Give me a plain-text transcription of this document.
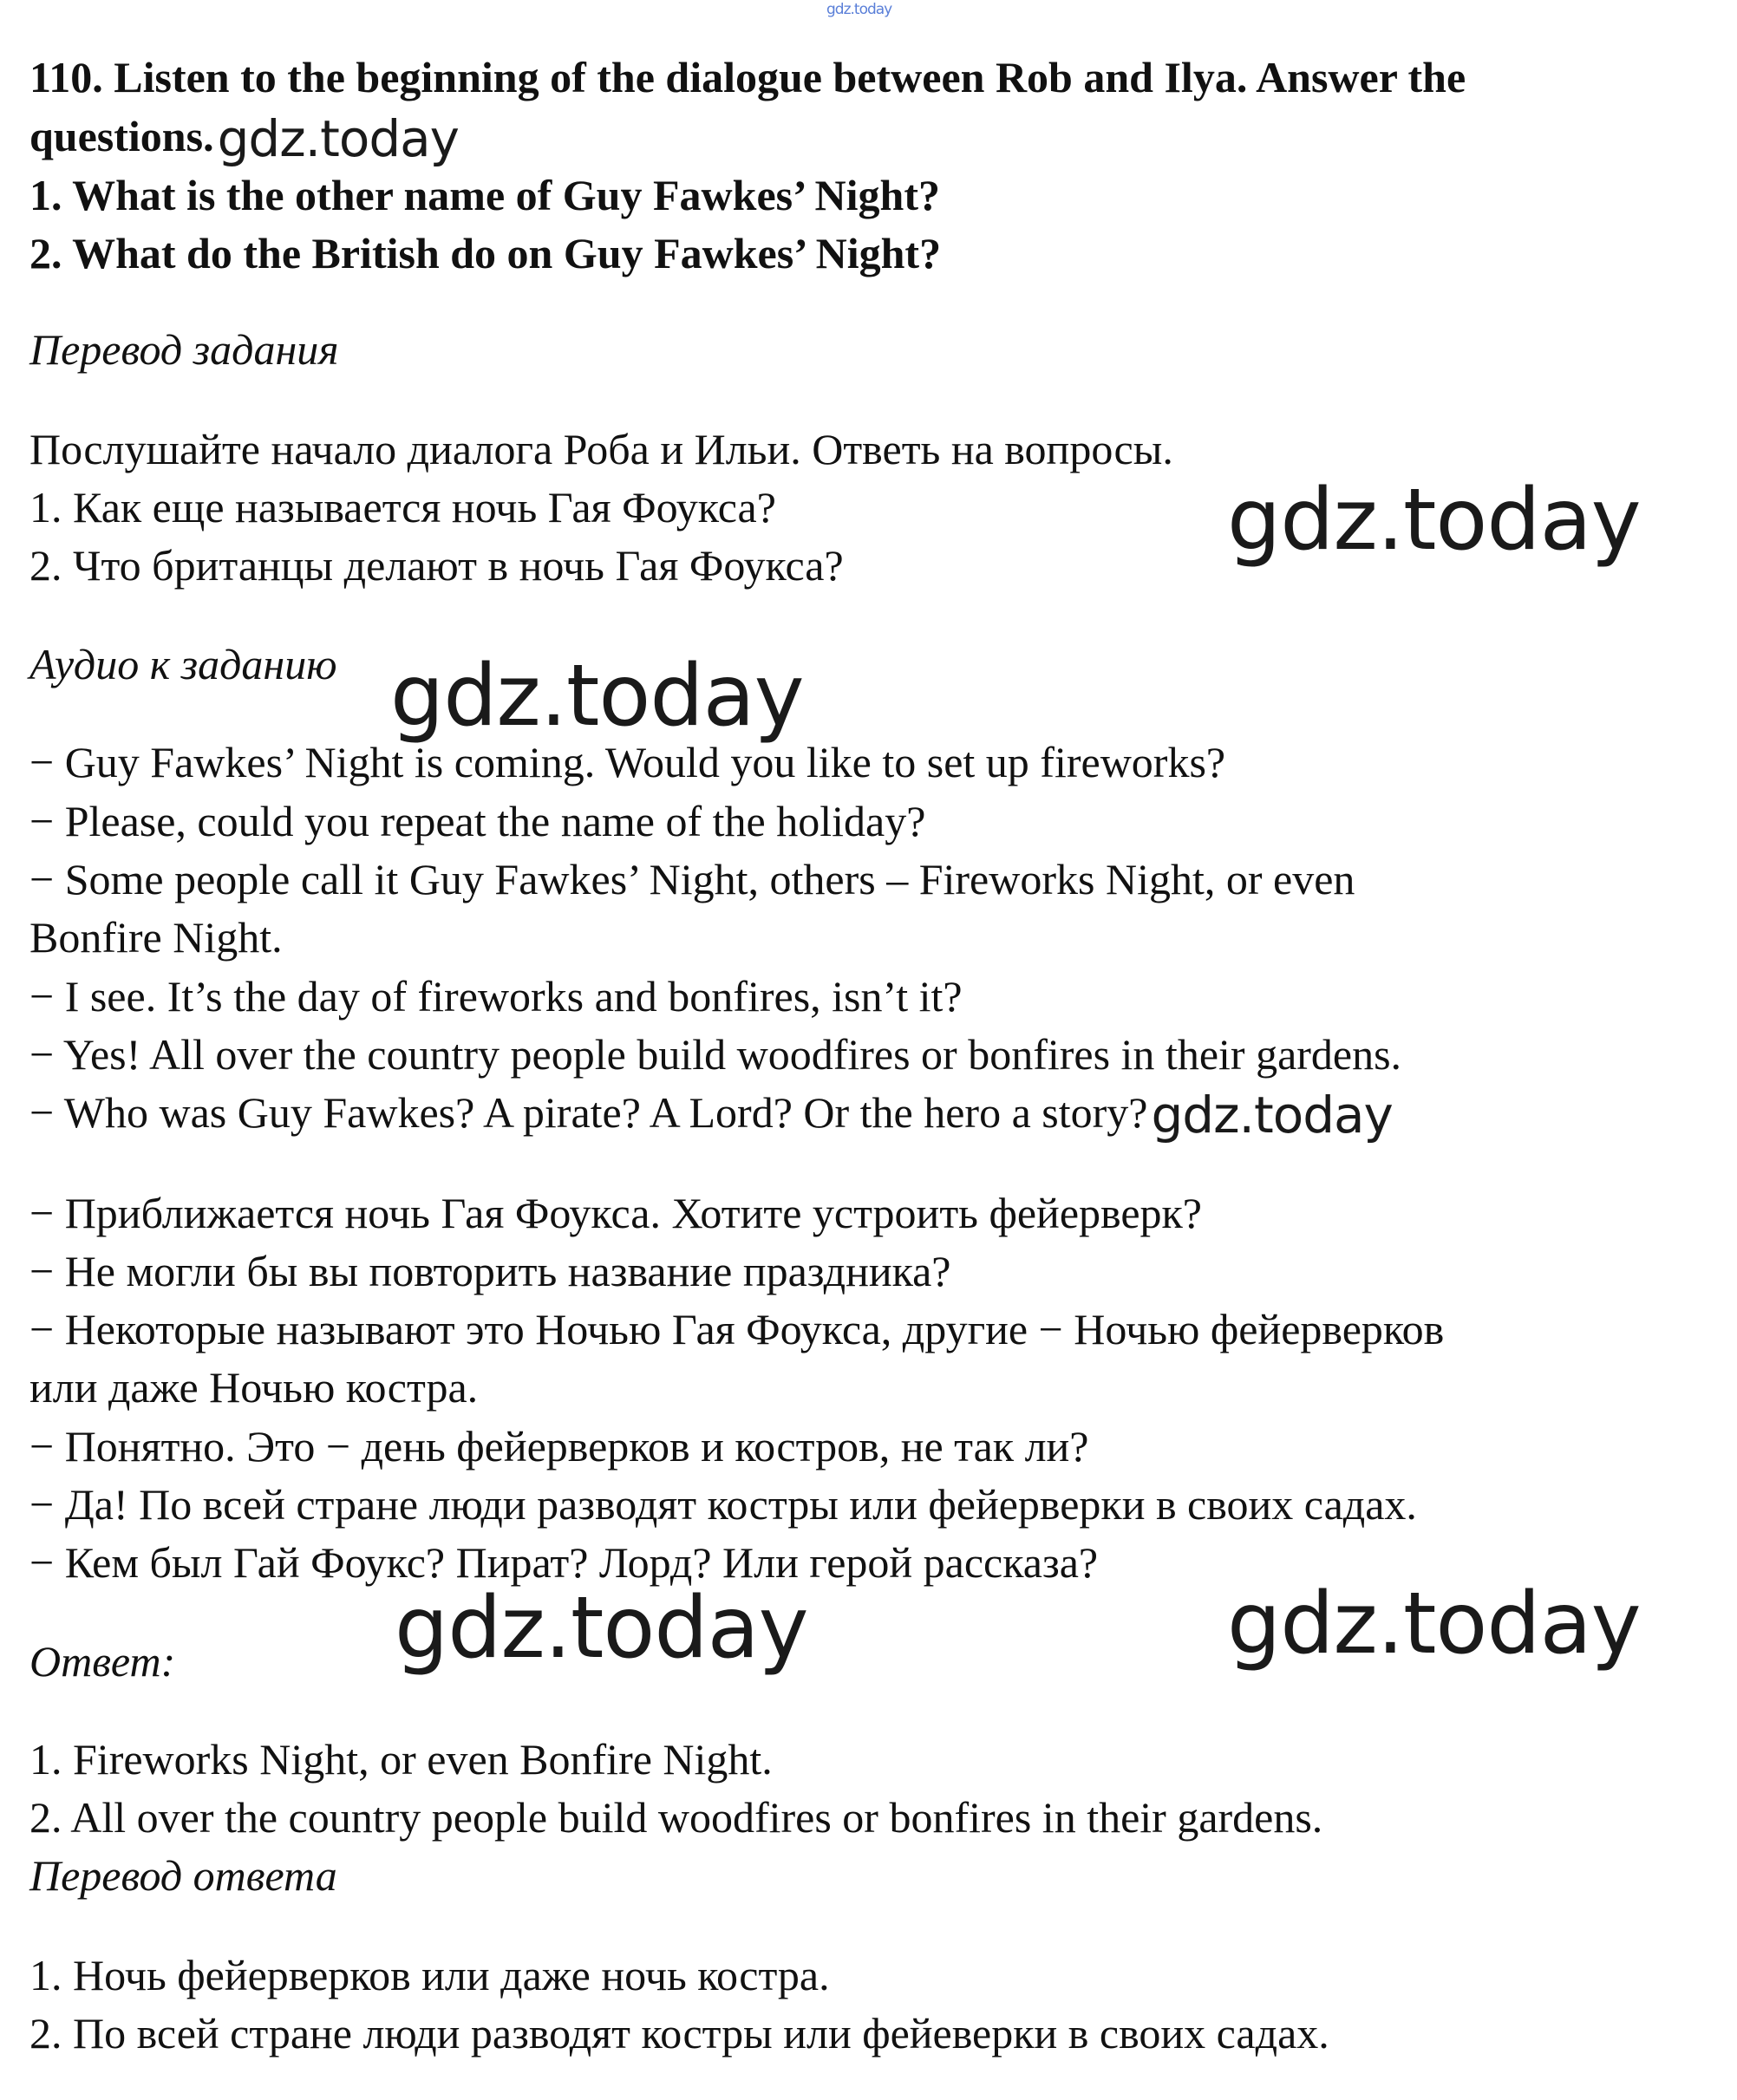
gdz.today
110. Listen to the beginning of the dialogue between Rob and Ilya. Answer the
questions.gdz.today
1. What is the other name of Guy Fawkes’ Night?
2. What do the British do on Guy Fawkes’ Night?
Перевод задания
Послушайте начало диалога Роба и Ильи. Ответь на вопросы.
1. Как еще называется ночь Гая Фоукса?
2. Что британцы делают в ночь Гая Фоукса?	gdz.today
Аудио к заданию gdz.today
− Guy Fawkes’ Night is coming. Would you like to set up fireworks?
− Please, could you repeat the name of the holiday?
− Some people call it Guy Fawkes’ Night, others – Fireworks Night, or even
Bonfire Night.
− I see. It’s the day of fireworks and bonfires, isn’t it?
− Yes! All over the country people build woodfires or bonfires in their gardens.
− Who was Guy Fawkes? A pirate? A Lord? Or the hero a story?gdz.today
− Приближается ночь Гая Фоукса. Хотите устроить фейерверк?
− Не могли бы вы повторить название праздника?
− Некоторые называют это Ночью Гая Фоукса, другие − Ночью фейерверков
или даже Ночью костра.
− Понятно. Это − день фейерверков и костров, не так ли?
− Да! По всей стране люди разводят костры или фейерверки в своих садах.
− Кем был Гай Фоукс? Пират? Лорд? Или герой рассказа?
Ответ:	gdz.today	gdz.today
1. Fireworks Night, or even Bonfire Night.
2. All over the country people build woodfires or bonfires in their gardens.
Перевод ответа
1. Ночь фейерверков или даже ночь костра.
2. По всей стране люди разводят костры или фейеверки в своих садах.
